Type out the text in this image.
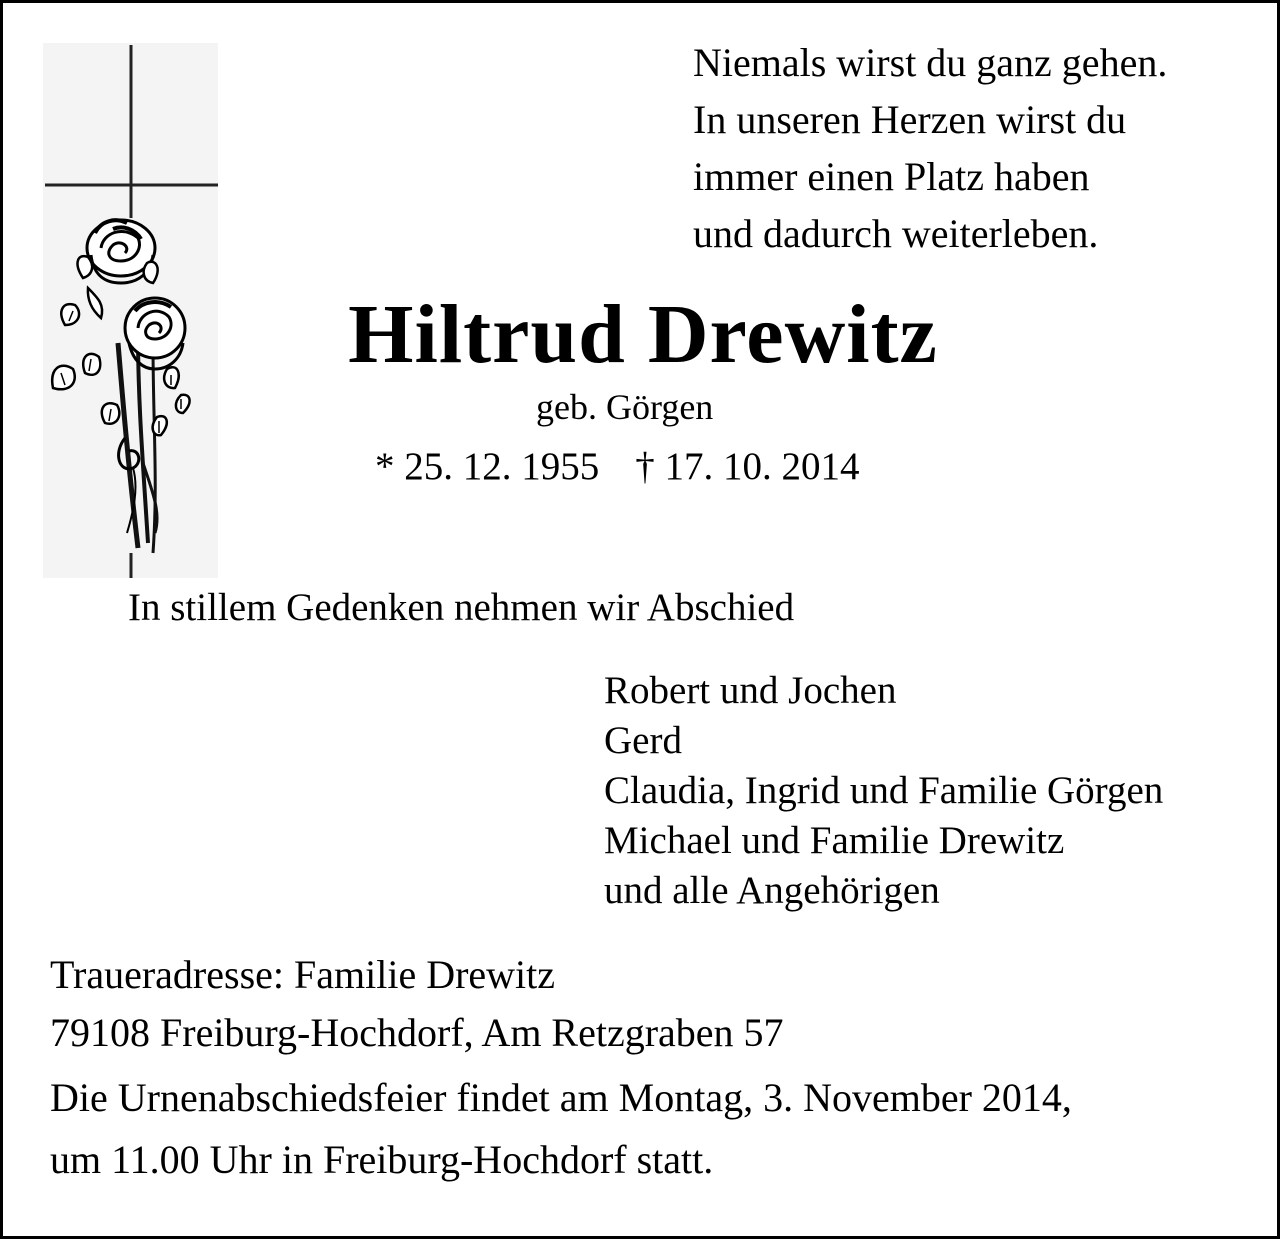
Niemals wirst du ganz gehen.
In unseren Herzen wirst du
immer einen Platz haben
und dadurch weiterleben.
Hiltrud Drewitz
geb. Görgen
* 25. 12. 1955 † 17. 10. 2014
In stillem Gedenken nehmen wir Abschied
Robert und Jochen
Gerd
Claudia, Ingrid und Familie Görgen
Michael und Familie Drewitz
und alle Angehörigen
Traueradresse: Familie Drewitz
79108 Freiburg-Hochdorf, Am Retzgraben 57
Die Urnenabschiedsfeier findet am Montag, 3. November 2014,
um 11.00 Uhr in Freiburg-Hochdorf statt.
